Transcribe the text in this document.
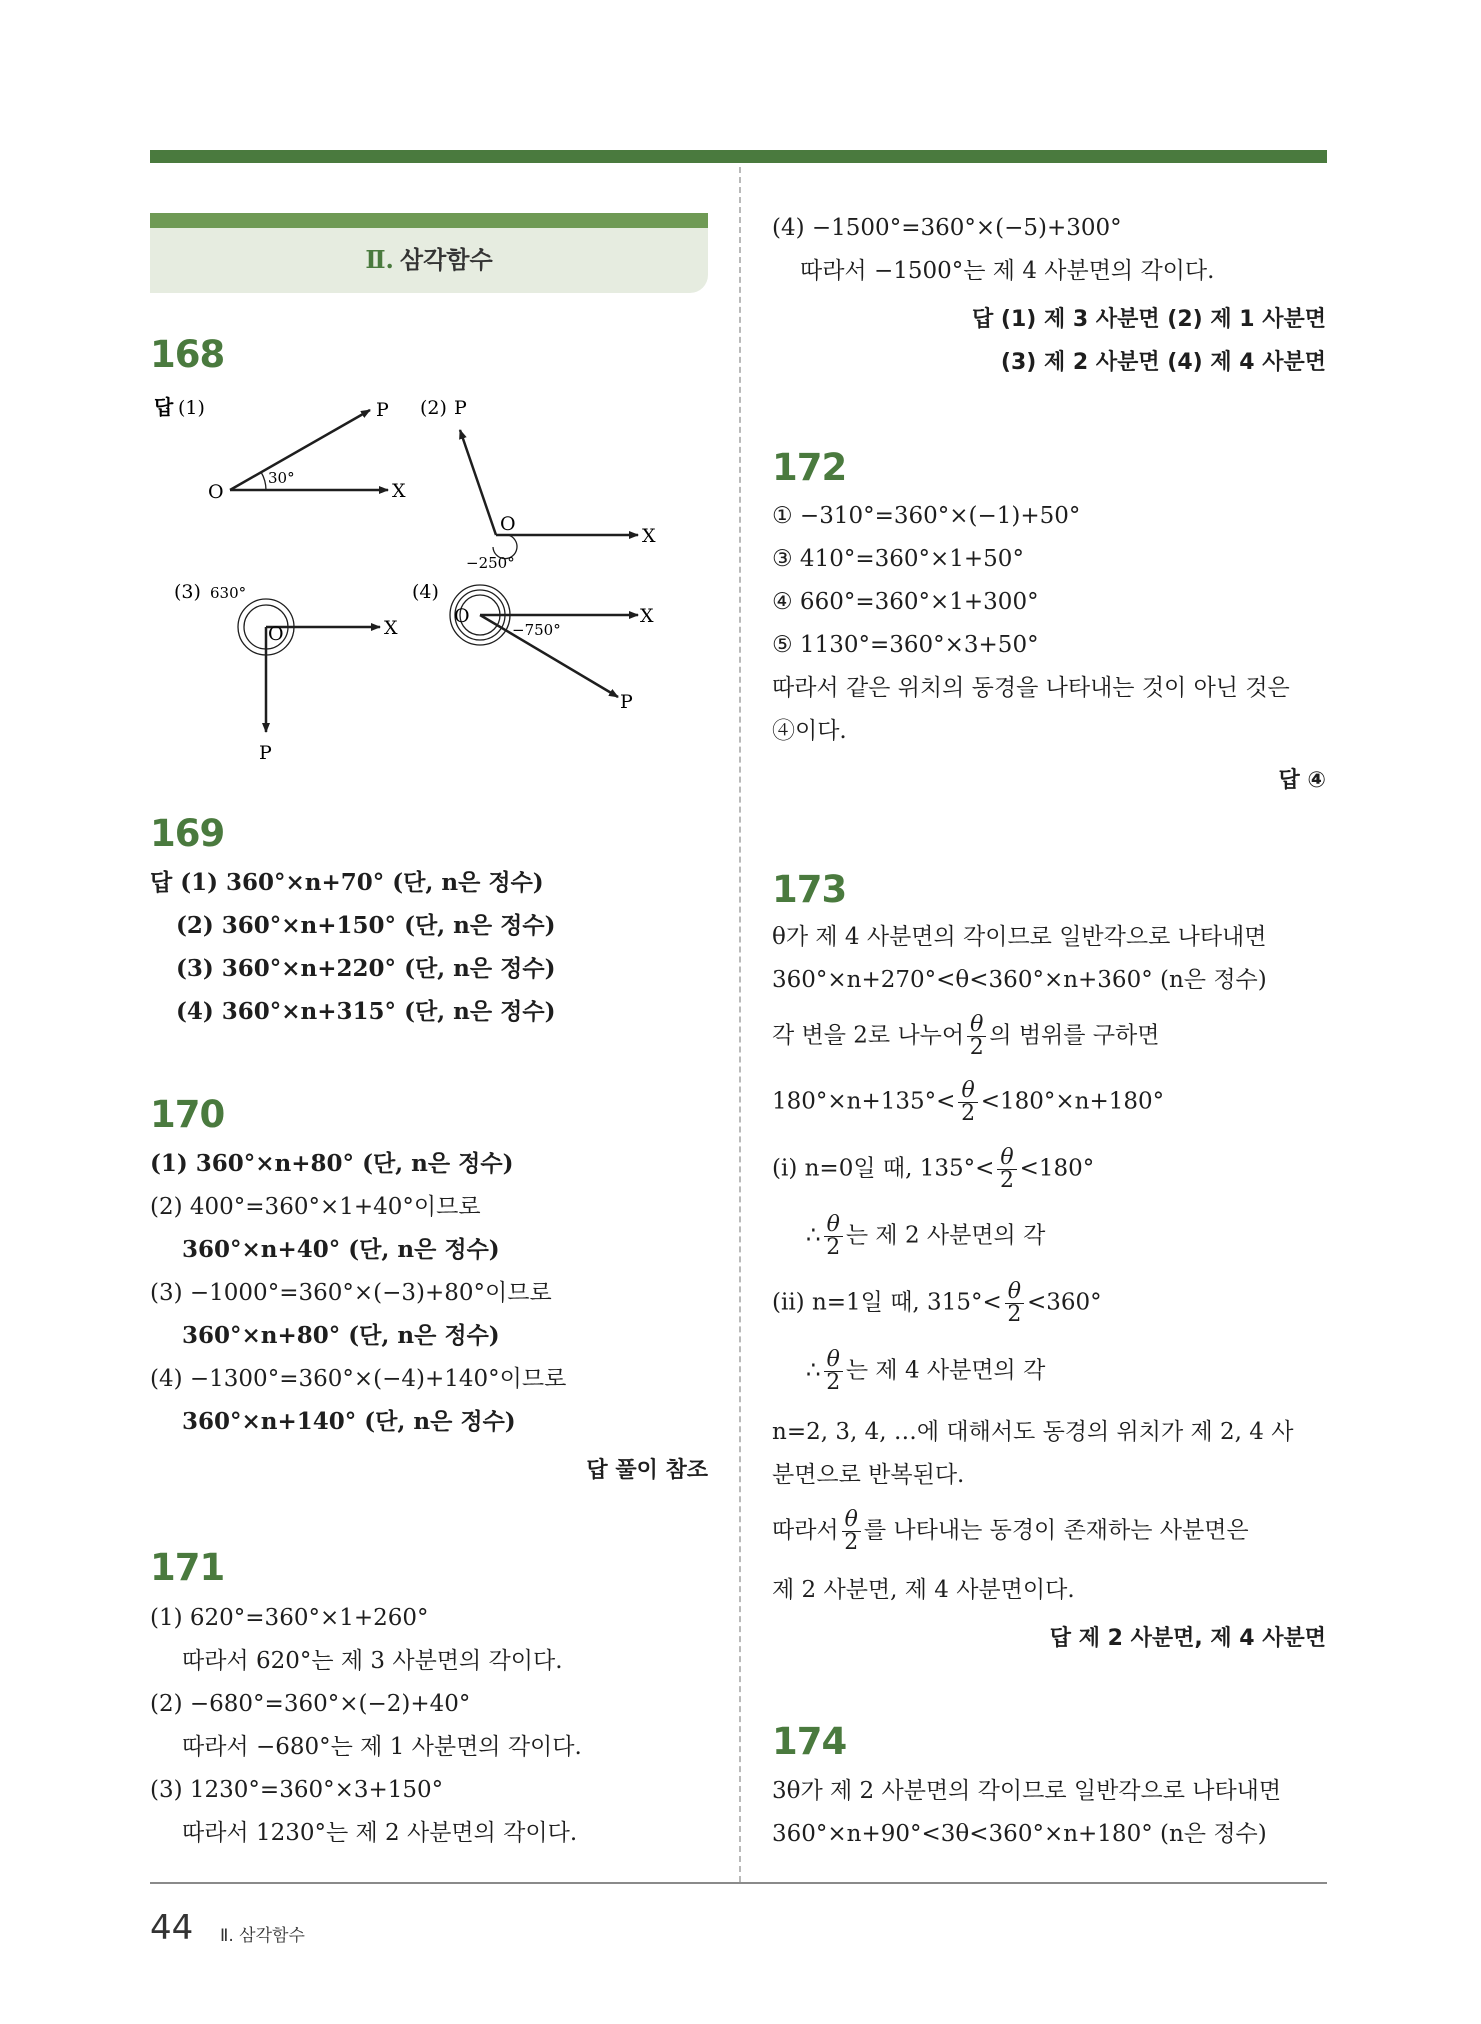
Ⅱ. 삼각함수
168
답 (1)	(2)
(3)	(4)
O	X
P
30°
P
O
X
−250°
O	X
P
630°
O	X
P
−750°
169
답 (1) 360°×n+70° (단, n은 정수)
(2) 360°×n+150° (단, n은 정수)
(3) 360°×n+220° (단, n은 정수)
(4) 360°×n+315° (단, n은 정수)
170
(1) 360°×n+80° (단, n은 정수)
(2) 400°=360°×1+40°이므로
360°×n+40° (단, n은 정수)
(3) −1000°=360°×(−3)+80°이므로
360°×n+80° (단, n은 정수)
(4) −1300°=360°×(−4)+140°이므로
360°×n+140° (단, n은 정수)
답 풀이 참조
171
(1) 620°=360°×1+260°
따라서 620°는 제 3 사분면의 각이다.
(2) −680°=360°×(−2)+40°
따라서 −680°는 제 1 사분면의 각이다.
(3) 1230°=360°×3+150°
따라서 1230°는 제 2 사분면의 각이다.
(4) −1500°=360°×(−5)+300°
따라서 −1500°는 제 4 사분면의 각이다.
답 (1) 제 3 사분면 (2) 제 1 사분면
(3) 제 2 사분면 (4) 제 4 사분면
172
① −310°=360°×(−1)+50°
③ 410°=360°×1+50°
④ 660°=360°×1+300°
⑤ 1130°=360°×3+50°
따라서 같은 위치의 동경을 나타내는 것이 아닌 것은
④이다.
답 ④
173
θ가 제 4 사분면의 각이므로 일반각으로 나타내면
360°×n+270°<θ<360°×n+360° (n은 정수)
각 변을 2로 나누어 $\frac{\theta}{2}$ 의 범위를 구하면
$180^\circ\times n+135^\circ< \frac{\theta}{2} <180^\circ\times n+180^\circ$
(i) n=0일 때, $135^\circ< \frac{\theta}{2} <180^\circ$
∴ $\frac{\theta}{2}$ 는 제 2 사분면의 각
(ii) n=1일 때, $315^\circ< \frac{\theta}{2} <360^\circ$
∴ $\frac{\theta}{2}$ 는 제 4 사분면의 각
n=2, 3, 4, …에 대해서도 동경의 위치가 제 2, 4 사
분면으로 반복된다.
따라서 $\frac{\theta}{2}$ 를 나타내는 동경이 존재하는 사분면은
제 2 사분면, 제 4 사분면이다.
답 제 2 사분면, 제 4 사분면
174
3θ가 제 2 사분면의 각이므로 일반각으로 나타내면
360°×n+90°<3θ<360°×n+180° (n은 정수)
44 Ⅱ. 삼각함수
